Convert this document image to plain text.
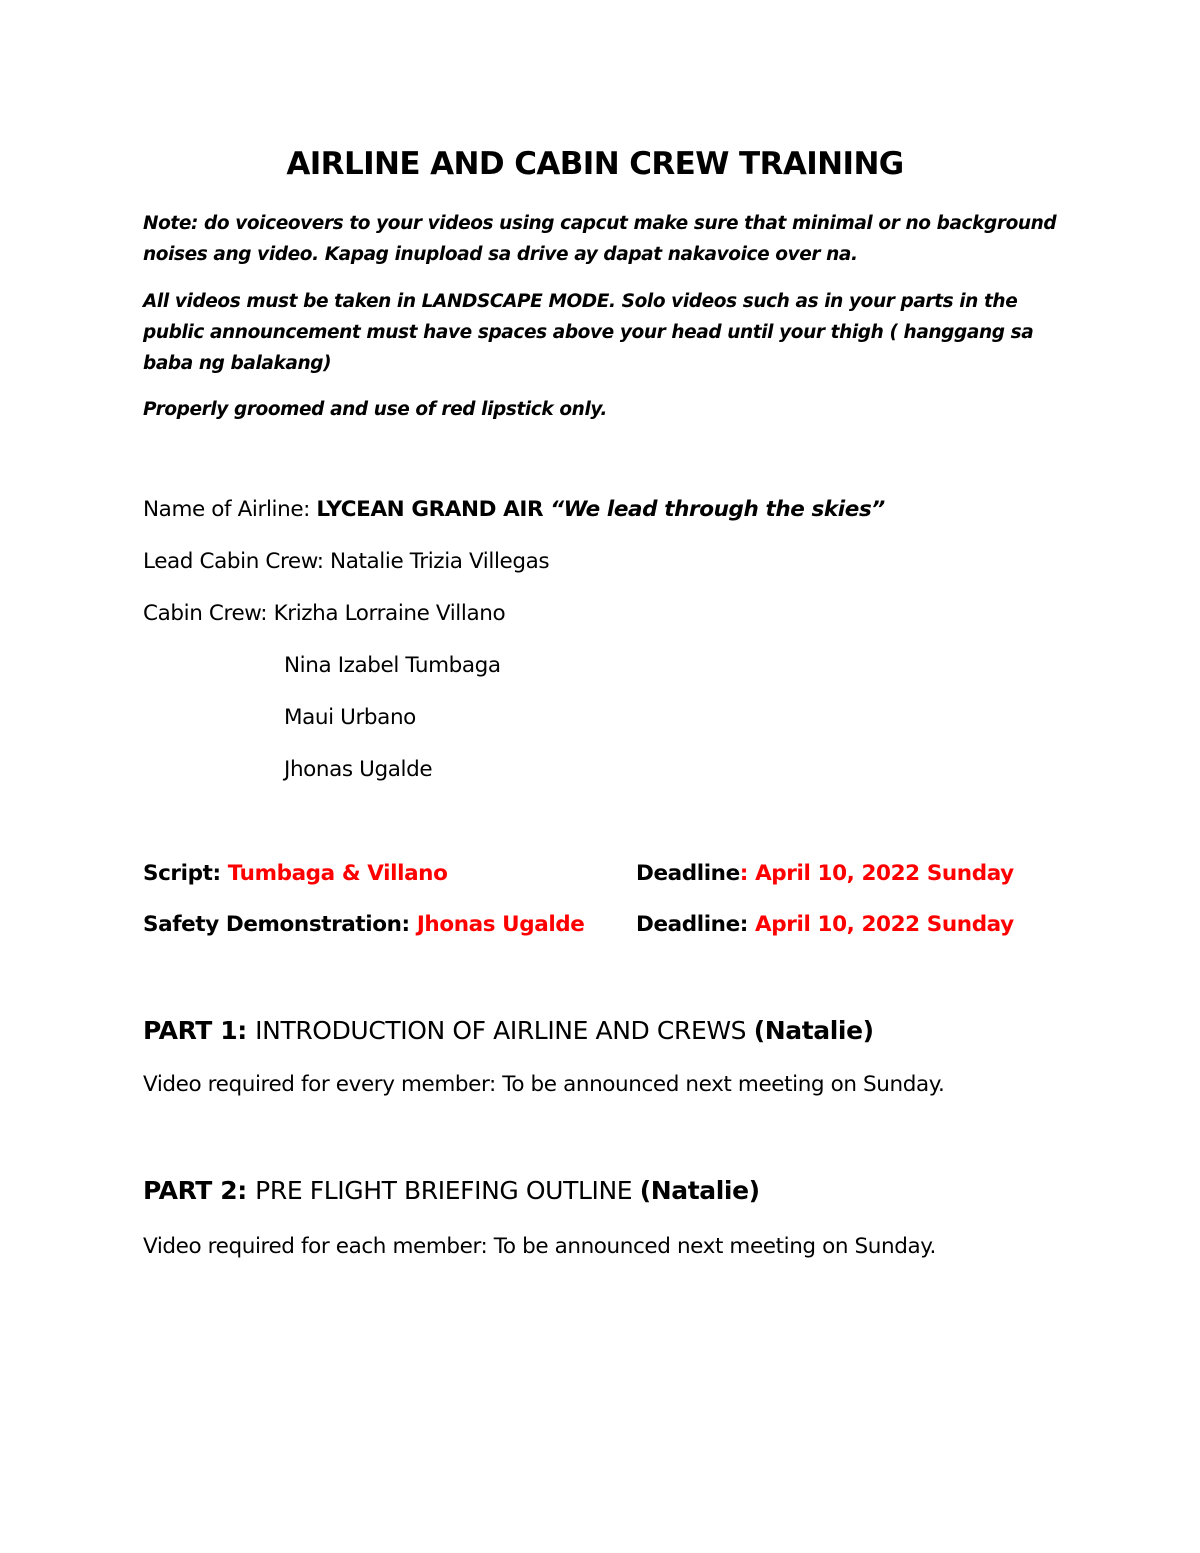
AIRLINE AND CABIN CREW TRAINING
Note: do voiceovers to your videos using capcut make sure that minimal or no background noises ang video. Kapag inupload sa drive ay dapat nakavoice over na.
All videos must be taken in LANDSCAPE MODE. Solo videos such as in your parts in the public announcement must have spaces above your head until your thigh ( hanggang sa baba ng balakang)
Properly groomed and use of red lipstick only.
Name of Airline: LYCEAN GRAND AIR “We lead through the skies”
Lead Cabin Crew: Natalie Trizia Villegas
Cabin Crew: Krizha Lorraine Villano
Nina Izabel Tumbaga
Maui Urbano
Jhonas Ugalde
Script: Tumbaga & Villano	Deadline: April 10, 2022 Sunday
Safety Demonstration: Jhonas Ugalde Deadline: April 10, 2022 Sunday
PART 1: INTRODUCTION OF AIRLINE AND CREWS (Natalie)
Video required for every member: To be announced next meeting on Sunday.
PART 2: PRE FLIGHT BRIEFING OUTLINE (Natalie)
Video required for each member: To be announced next meeting on Sunday.
